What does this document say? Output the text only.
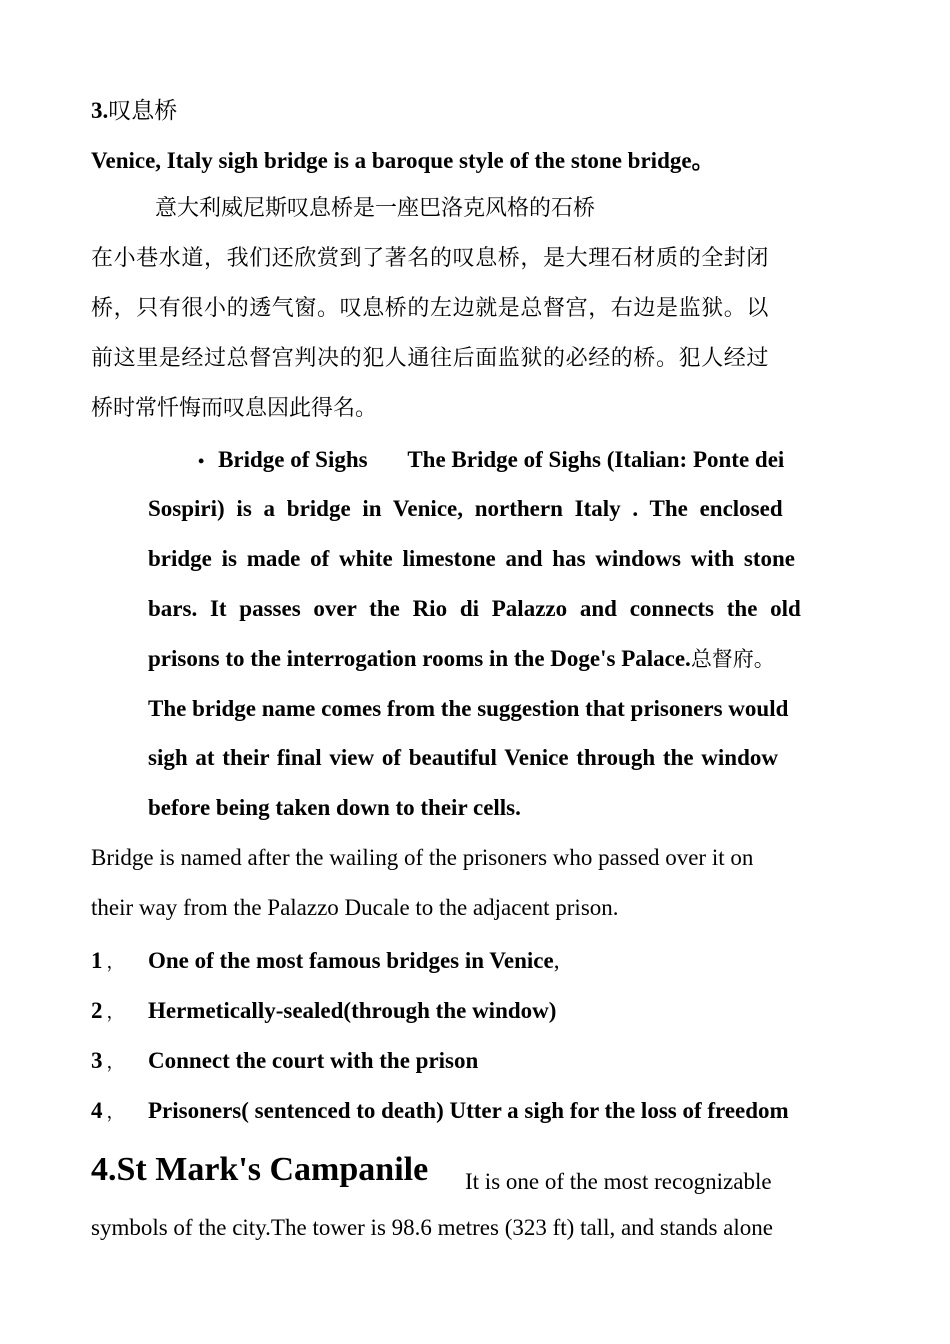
3.叹息桥
Venice, Italy sigh bridge is a baroque style of the stone bridge。
意大利威尼斯叹息桥是一座巴洛克风格的石桥
在小巷水道，我们还欣赏到了著名的叹息桥，是大理石材质的全封闭
桥，只有很小的透气窗。叹息桥的左边就是总督宫，右边是监狱。以
前这里是经过总督宫判决的犯人通往后面监狱的必经的桥。犯人经过
桥时常忏悔而叹息因此得名。
• Bridge of Sighs The Bridge of Sighs (Italian: Ponte dei
Sospiri) is a bridge in Venice, northern Italy . The enclosed
bridge is made of white limestone and has windows with stone
bars. It passes over the Rio di Palazzo and connects the old
prisons to the interrogation rooms in the Doge's Palace.总督府。
The bridge name comes from the suggestion that prisoners would
sigh at their final view of beautiful Venice through the window
before being taken down to their cells.
Bridge is named after the wailing of the prisoners who passed over it on
their way from the Palazzo Ducale to the adjacent prison.
1 ， One of the most famous bridges in Venice,
2 ， Hermetically-sealed(through the window)
3 ， Connect the court with the prison
4 ， Prisoners( sentenced to death) Utter a sigh for the loss of freedom
4.St Mark's Campanile It is one of the most recognizable
symbols of the city.The tower is 98.6 metres (323 ft) tall, and stands alone
